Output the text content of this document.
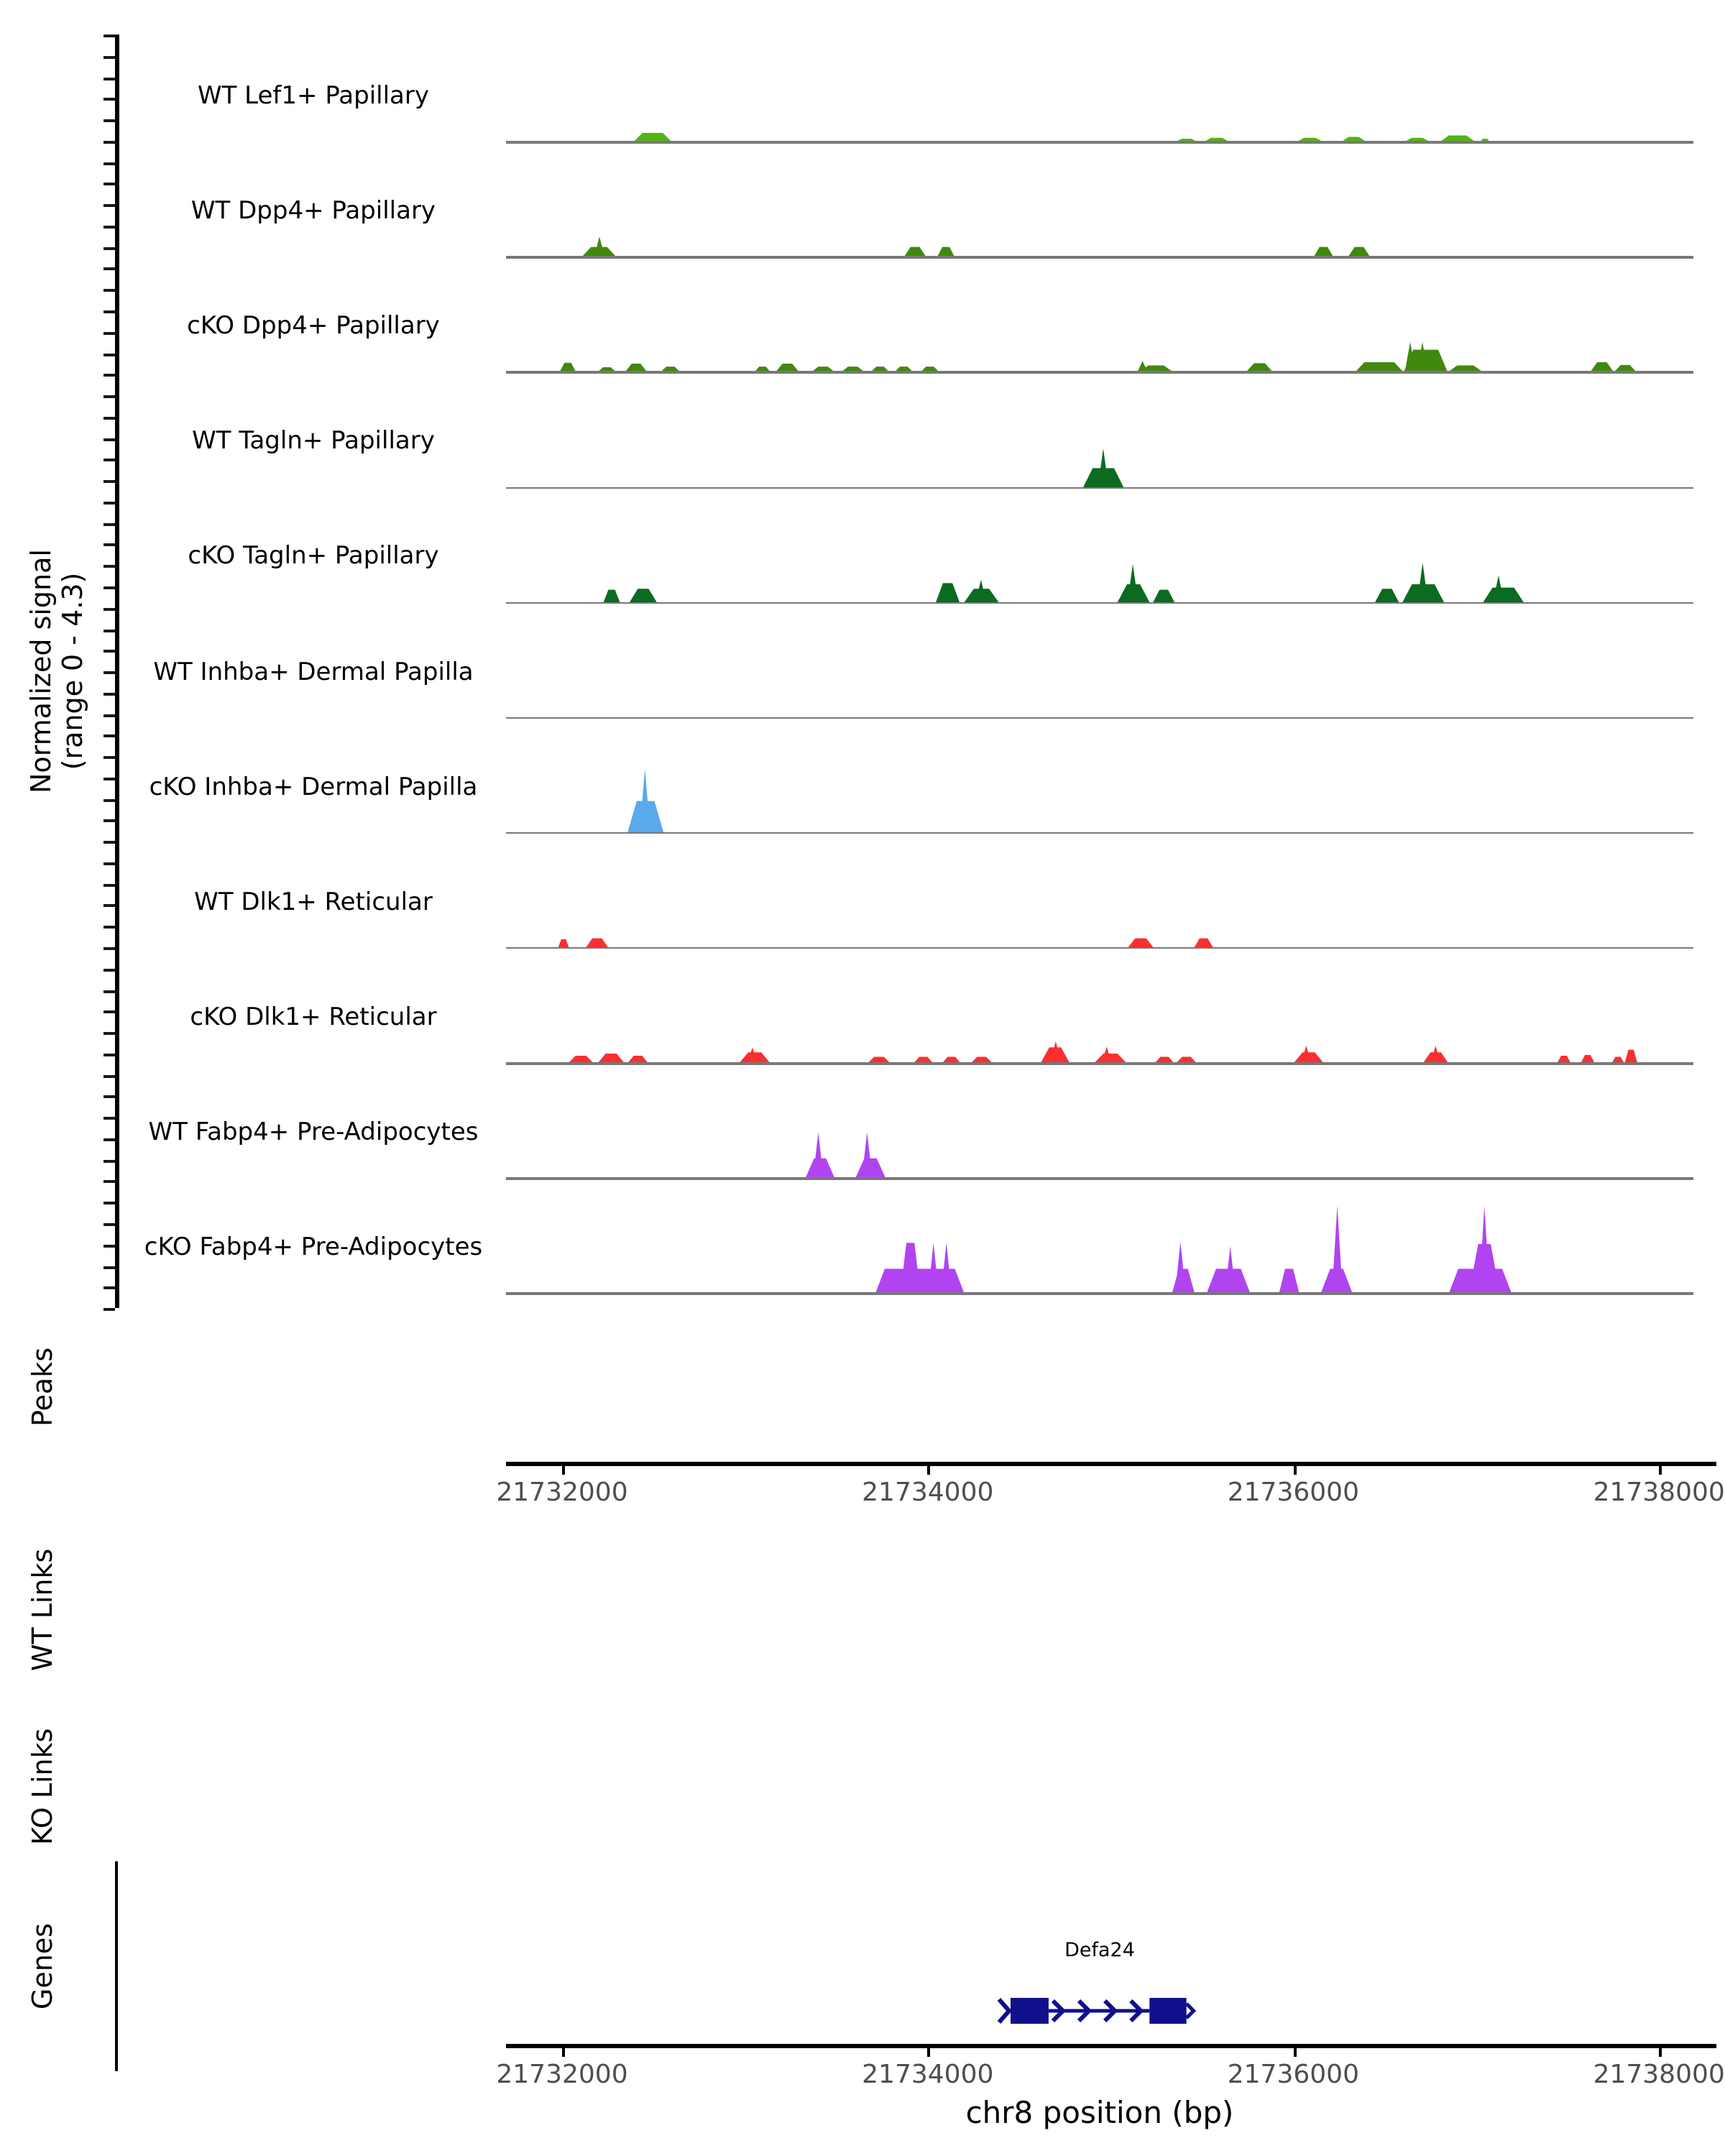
Normalized signal (range 0 - 4.3)
WT Lef1+ Papillary
WT Dpp4+ Papillary
cKO Dpp4+ Papillary
WT Tagln+ Papillary
cKO Tagln+ Papillary
WT Inhba+ Dermal Papilla
cKO Inhba+ Dermal Papilla
WT Dlk1+ Reticular
cKO Dlk1+ Reticular
WT Fabp4+ Pre-Adipocytes
cKO Fabp4+ Pre-Adipocytes
Peaks
21732000	21734000	21736000	21738000
WT Links
KO Links
Genes	Defa24
21732000	21734000	21736000	21738000
chr8 position (bp)
